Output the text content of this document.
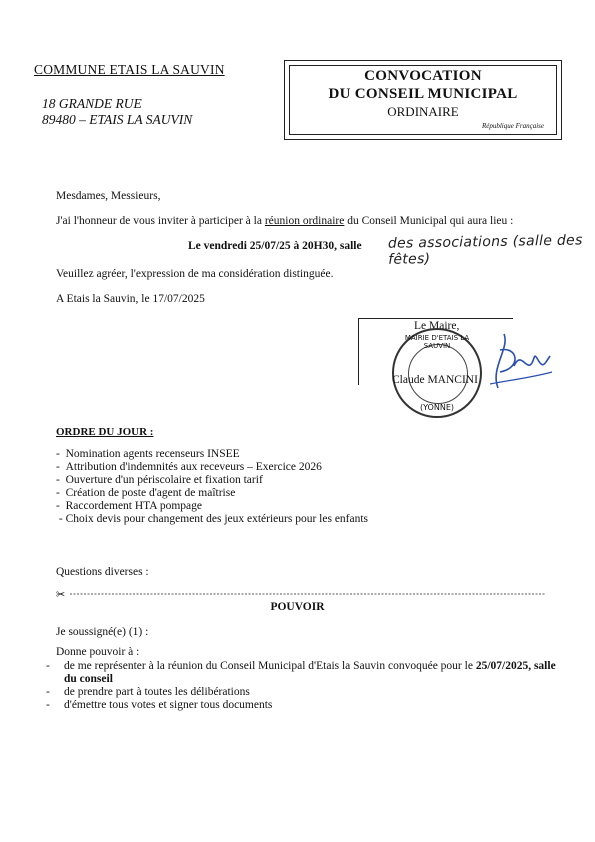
COMMUNE ETAIS LA SAUVIN
18 GRANDE RUE
89480 – ETAIS LA SAUVIN
CONVOCATION
DU CONSEIL MUNICIPAL
ORDINAIRE
République Française
Mesdames, Messieurs,
J'ai l'honneur de vous inviter à participer à la réunion ordinaire du Conseil Municipal qui aura lieu :
Le vendredi 25/07/25 à 20H30, salle des associations (salle des fêtes)
Veuillez agréer, l'expression de ma considération distinguée.
A Etais la Sauvin, le 17/07/2025
Le Maire,
MAIRIE D'ETAIS LA SAUVIN
(YONNE)
Claude MANCINI
ORDRE DU JOUR :
-  Nomination agents recenseurs INSEE
-  Attribution d'indemnités aux receveurs – Exercice 2026
-  Ouverture d'un périscolaire et fixation tarif
-  Création de poste d'agent de maîtrise
-  Raccordement HTA pompage
- Choix devis pour changement des jeux extérieurs pour les enfants
Questions diverses :
✂
POUVOIR
Je soussigné(e) (1) :
Donne pouvoir à :
- de me représenter à la réunion du Conseil Municipal d'Etais la Sauvin convoquée pour le 25/07/2025, salle du conseil
- de prendre part à toutes les délibérations
- d'émettre tous votes et signer tous documents
